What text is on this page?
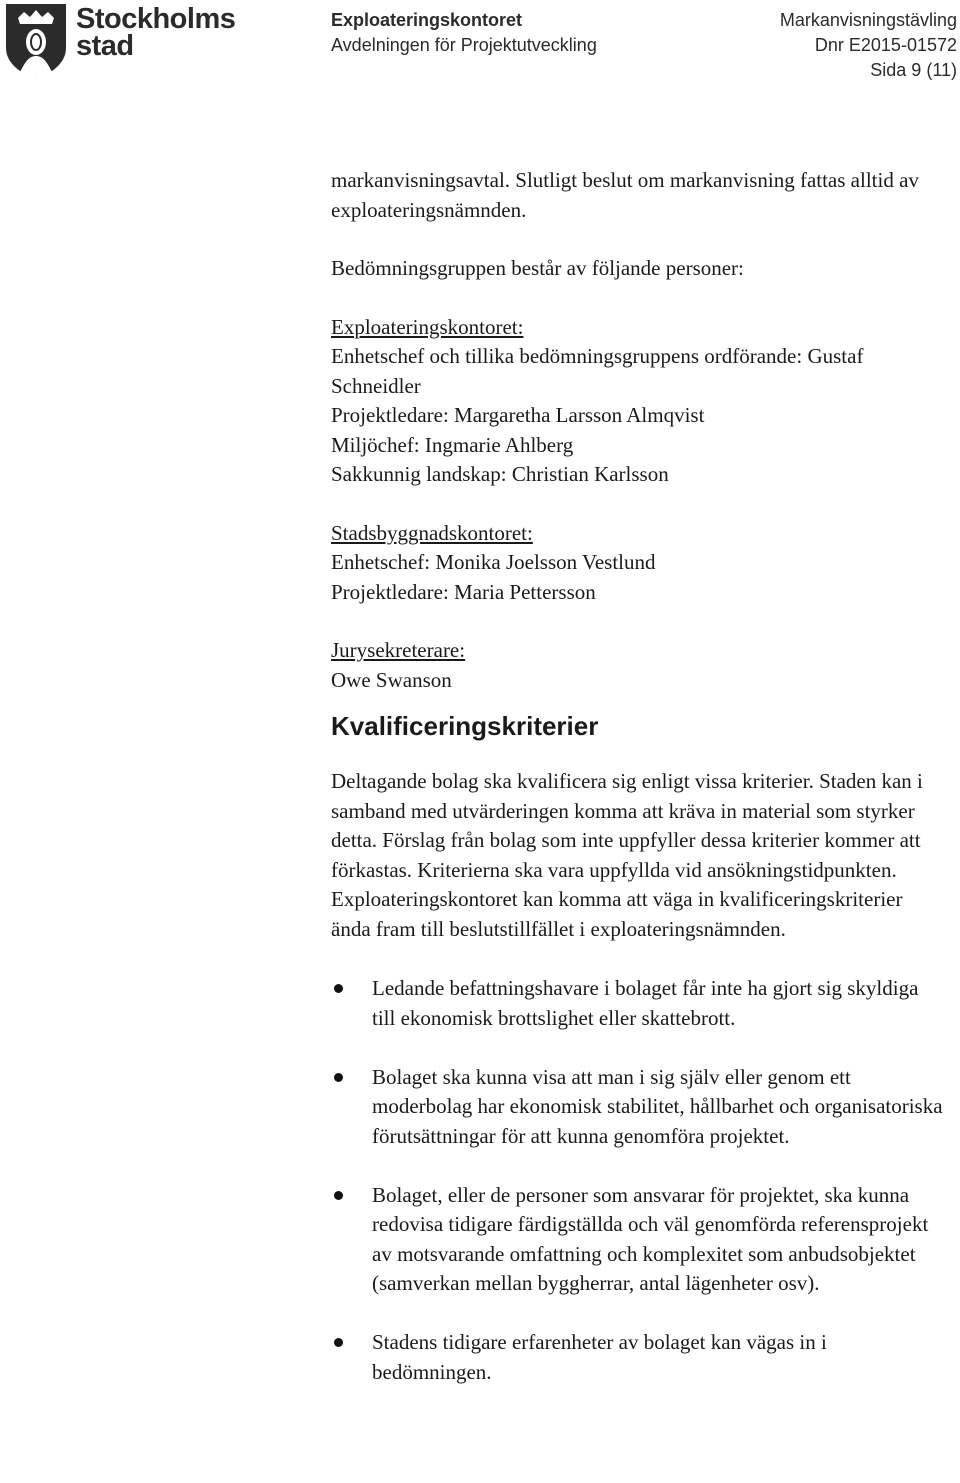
Stockholms
stad
Exploateringskontoret
Avdelningen för Projektutveckling
Markanvisningstävling
Dnr E2015-01572
Sida 9 (11)

markanvisningsavtal. Slutligt beslut om markanvisning fattas alltid av exploateringsnämnden.

Bedömningsgruppen består av följande personer:

Exploateringskontoret:

Enhetschef och tillika bedömningsgruppens ordförande: Gustaf Schneidler

Projektledare: Margaretha Larsson Almqvist

Miljöchef: Ingmarie Ahlberg

Sakkunnig landskap: Christian Karlsson

Stadsbyggnadskontoret:

Enhetschef: Monika Joelsson Vestlund

Projektledare: Maria Pettersson

Jurysekreterare:

Owe Swanson

Kvalificeringskriterier

Deltagande bolag ska kvalificera sig enligt vissa kriterier. Staden kan i samband med utvärderingen komma att kräva in material som styrker detta. Förslag från bolag som inte uppfyller dessa kriterier kommer att förkastas. Kriterierna ska vara uppfyllda vid ansökningstidpunkten. Exploateringskontoret kan komma att väga in kvalificeringskriterier ända fram till beslutstillfället i exploateringsnämnden.

Ledande befattningshavare i bolaget får inte ha gjort sig skyldiga till ekonomisk brottslighet eller skattebrott.
Bolaget ska kunna visa att man i sig själv eller genom ett moderbolag har ekonomisk stabilitet, hållbarhet och organisatoriska förutsättningar för att kunna genomföra projektet.
Bolaget, eller de personer som ansvarar för projektet, ska kunna redovisa tidigare färdigställda och väl genomförda referensprojekt av motsvarande omfattning och komplexitet som anbudsobjektet (samverkan mellan byggherrar, antal lägenheter osv).
Stadens tidigare erfarenheter av bolaget kan vägas in i bedömningen.
